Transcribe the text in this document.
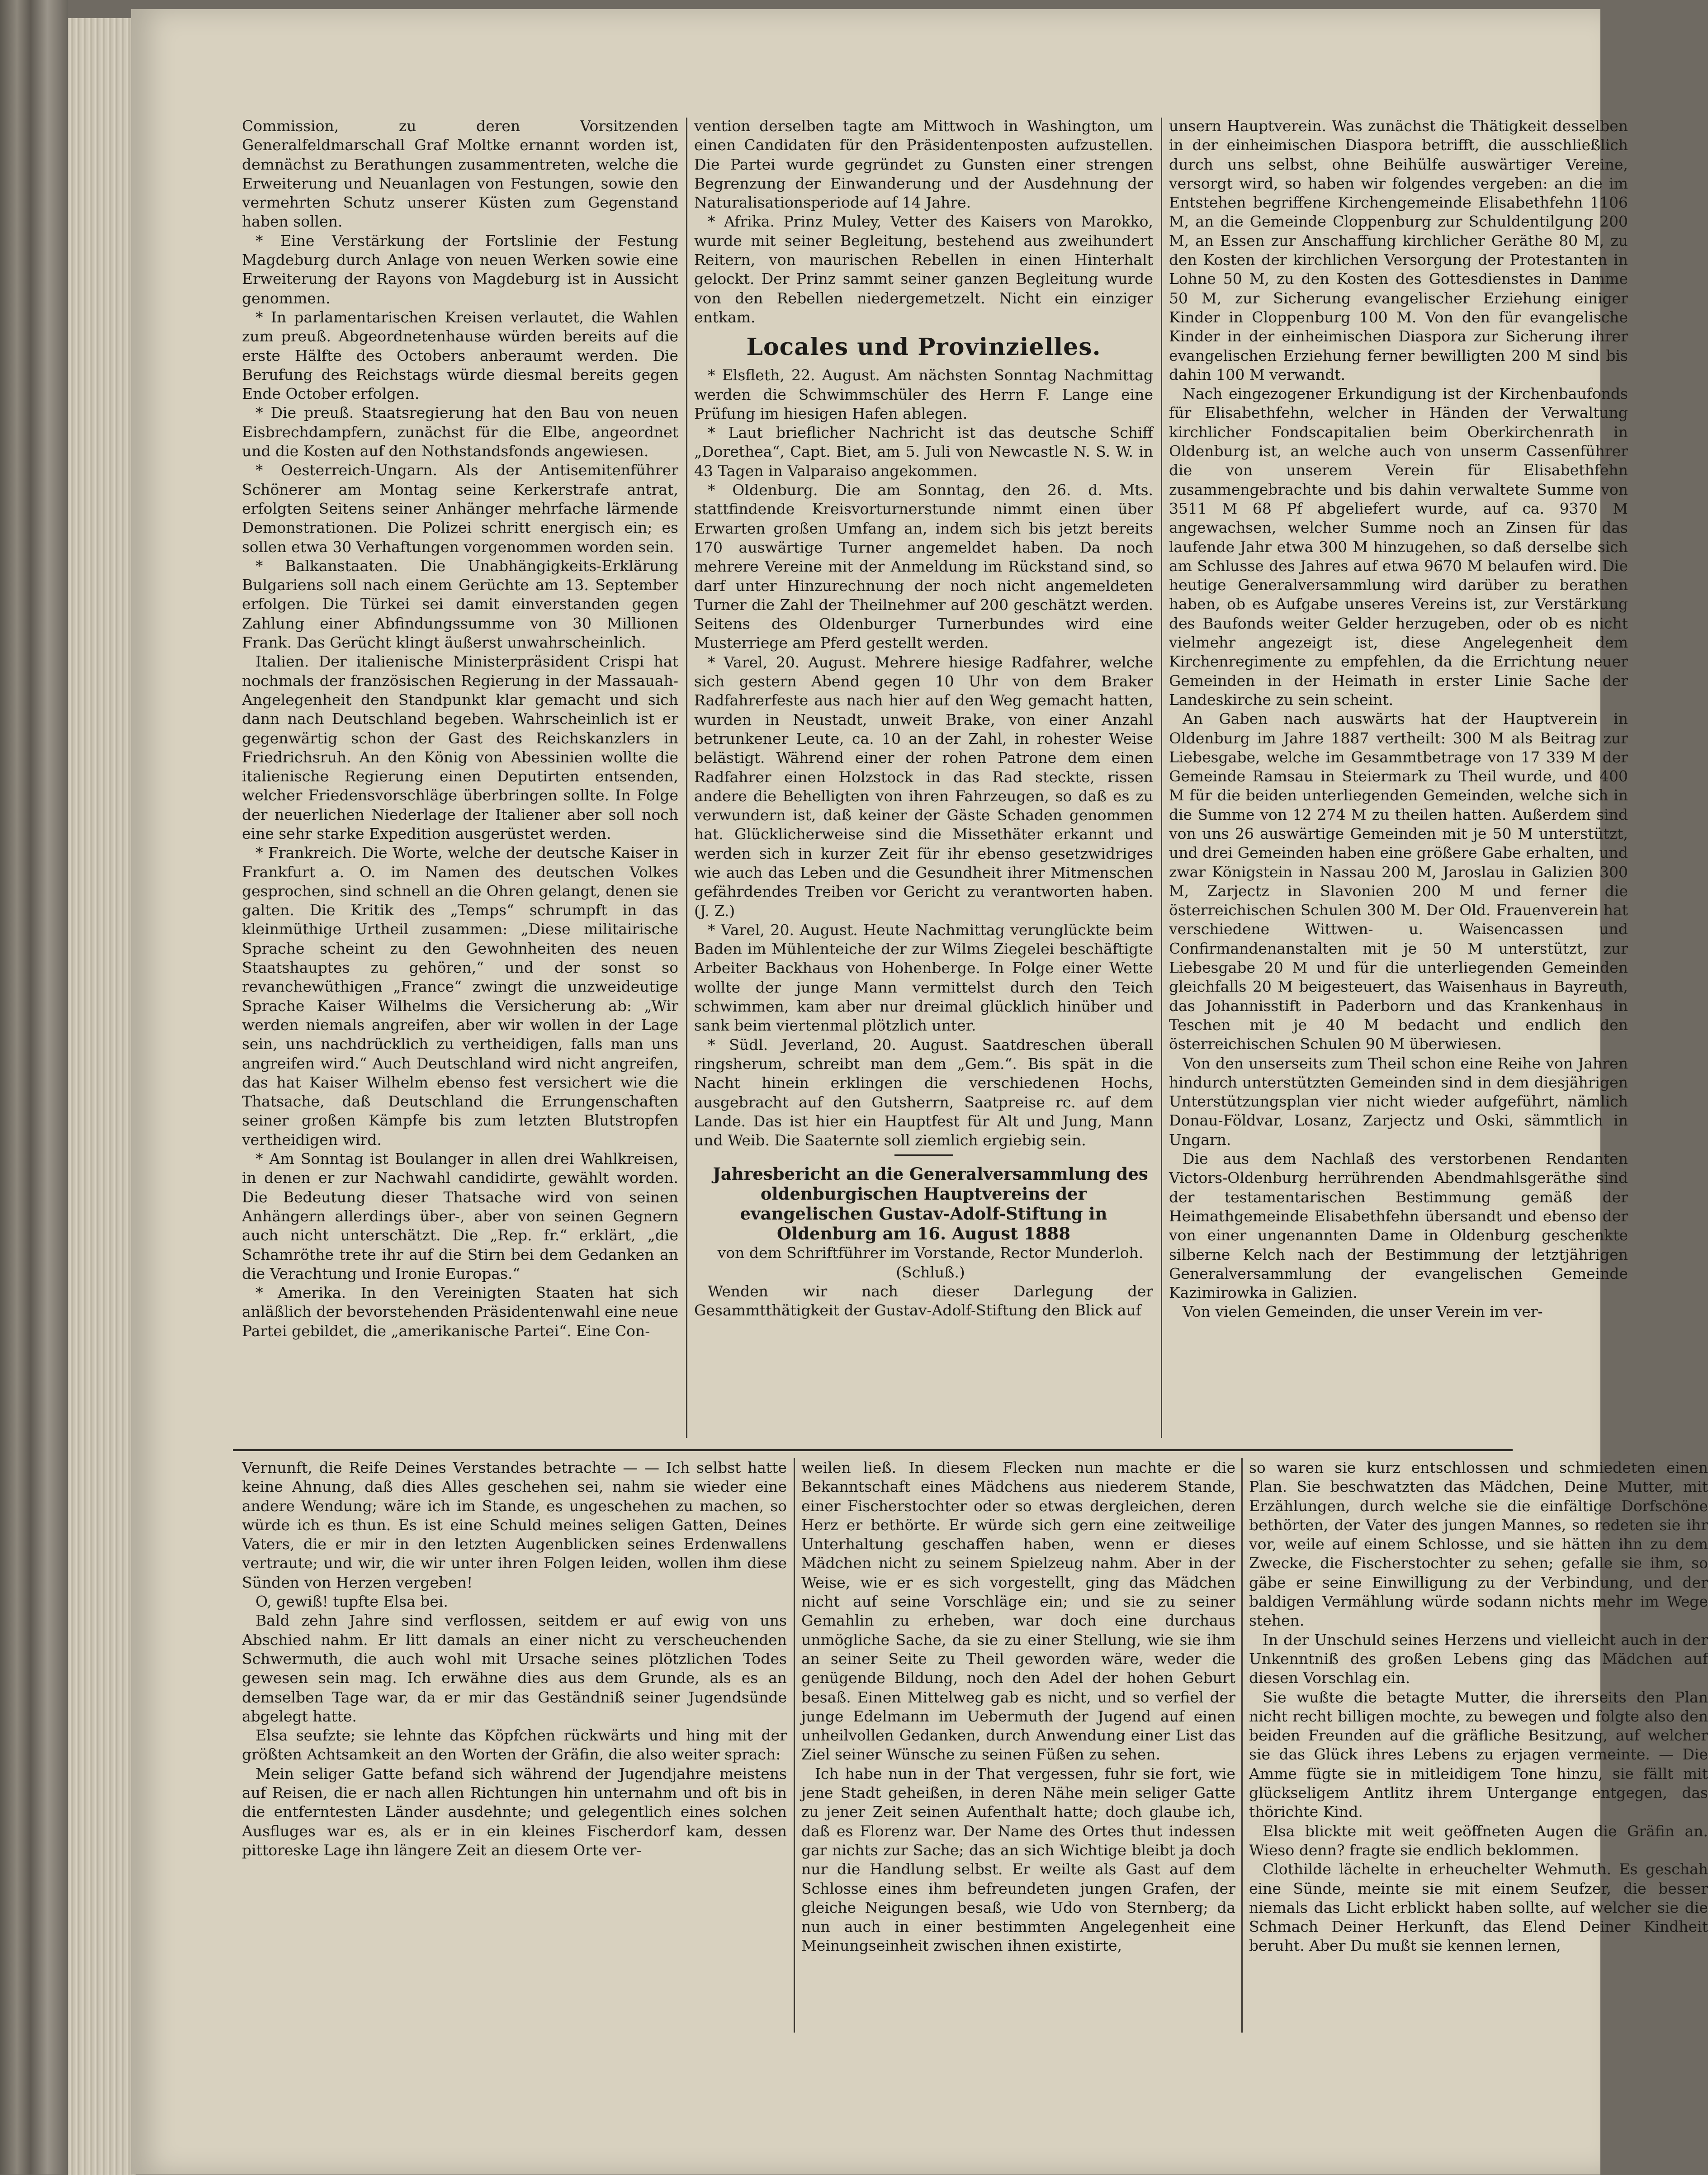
Commission, zu deren Vorsitzenden Generalfeldmarschall Graf Moltke ernannt worden ist, demnächst zu Berathungen zusammentreten, welche die Erweiterung und Neuanlagen von Festungen, sowie den vermehrten Schutz unserer Küsten zum Gegenstand haben sollen.

* Eine Verstärkung der Fortslinie der Festung Magdeburg durch Anlage von neuen Werken sowie eine Erweiterung der Rayons von Magdeburg ist in Aussicht genommen.

* In parlamentarischen Kreisen verlautet, die Wahlen zum preuß. Abgeordnetenhause würden bereits auf die erste Hälfte des Octobers anberaumt werden. Die Berufung des Reichstags würde diesmal bereits gegen Ende October erfolgen.

* Die preuß. Staatsregierung hat den Bau von neuen Eisbrechdampfern, zunächst für die Elbe, angeordnet und die Kosten auf den Nothstandsfonds angewiesen.

* Oesterreich-Ungarn. Als der Antisemitenführer Schönerer am Montag seine Kerkerstrafe antrat, erfolgten Seitens seiner Anhänger mehrfache lärmende Demonstrationen. Die Polizei schritt energisch ein; es sollen etwa 30 Verhaftungen vorgenommen worden sein.

* Balkanstaaten. Die Unabhängigkeits-Erklärung Bulgariens soll nach einem Gerüchte am 13. September erfolgen. Die Türkei sei damit einverstanden gegen Zahlung einer Abfindungssumme von 30 Millionen Frank. Das Gerücht klingt äußerst unwahrscheinlich.

Italien. Der italienische Ministerpräsident Crispi hat nochmals der französischen Regierung in der Massauah-Angelegenheit den Standpunkt klar gemacht und sich dann nach Deutschland begeben. Wahrscheinlich ist er gegenwärtig schon der Gast des Reichskanzlers in Friedrichsruh. An den König von Abessinien wollte die italienische Regierung einen Deputirten entsenden, welcher Friedensvorschläge überbringen sollte. In Folge der neuerlichen Niederlage der Italiener aber soll noch eine sehr starke Expedition ausgerüstet werden.

* Frankreich. Die Worte, welche der deutsche Kaiser in Frankfurt a. O. im Namen des deutschen Volkes gesprochen, sind schnell an die Ohren gelangt, denen sie galten. Die Kritik des „Temps“ schrumpft in das kleinmüthige Urtheil zusammen: „Diese militairische Sprache scheint zu den Gewohnheiten des neuen Staatshauptes zu gehören,“ und der sonst so revanchewüthigen „France“ zwingt die unzweideutige Sprache Kaiser Wilhelms die Versicherung ab: „Wir werden niemals angreifen, aber wir wollen in der Lage sein, uns nachdrücklich zu vertheidigen, falls man uns angreifen wird.“ Auch Deutschland wird nicht angreifen, das hat Kaiser Wilhelm ebenso fest versichert wie die Thatsache, daß Deutschland die Errungenschaften seiner großen Kämpfe bis zum letzten Blutstropfen vertheidigen wird.

* Am Sonntag ist Boulanger in allen drei Wahlkreisen, in denen er zur Nachwahl candidirte, gewählt worden. Die Bedeutung dieser Thatsache wird von seinen Anhängern allerdings über-, aber von seinen Gegnern auch nicht unterschätzt. Die „Rep. fr.“ erklärt, „die Schamröthe trete ihr auf die Stirn bei dem Gedanken an die Verachtung und Ironie Europas.“

* Amerika. In den Vereinigten Staaten hat sich anläßlich der bevorstehenden Präsidentenwahl eine neue Partei gebildet, die „amerikanische Partei“. Eine Con-

vention derselben tagte am Mittwoch in Washington, um einen Candidaten für den Präsidentenposten aufzustellen. Die Partei wurde gegründet zu Gunsten einer strengen Begrenzung der Einwanderung und der Ausdehnung der Naturalisationsperiode auf 14 Jahre.

* Afrika. Prinz Muley, Vetter des Kaisers von Marokko, wurde mit seiner Begleitung, bestehend aus zweihundert Reitern, von maurischen Rebellen in einen Hinterhalt gelockt. Der Prinz sammt seiner ganzen Begleitung wurde von den Rebellen niedergemetzelt. Nicht ein einziger entkam.

Locales und Provinzielles.

* Elsfleth, 22. August. Am nächsten Sonntag Nachmittag werden die Schwimmschüler des Herrn F. Lange eine Prüfung im hiesigen Hafen ablegen.

* Laut brieflicher Nachricht ist das deutsche Schiff „Dorethea“, Capt. Biet, am 5. Juli von Newcastle N. S. W. in 43 Tagen in Valparaiso angekommen.

* Oldenburg. Die am Sonntag, den 26. d. Mts. stattfindende Kreisvorturnerstunde nimmt einen über Erwarten großen Umfang an, indem sich bis jetzt bereits 170 auswärtige Turner angemeldet haben. Da noch mehrere Vereine mit der Anmeldung im Rückstand sind, so darf unter Hinzurechnung der noch nicht angemeldeten Turner die Zahl der Theilnehmer auf 200 geschätzt werden. Seitens des Oldenburger Turnerbundes wird eine Musterriege am Pferd gestellt werden.

* Varel, 20. August. Mehrere hiesige Radfahrer, welche sich gestern Abend gegen 10 Uhr von dem Braker Radfahrerfeste aus nach hier auf den Weg gemacht hatten, wurden in Neustadt, unweit Brake, von einer Anzahl betrunkener Leute, ca. 10 an der Zahl, in rohester Weise belästigt. Während einer der rohen Patrone dem einen Radfahrer einen Holzstock in das Rad steckte, rissen andere die Behelligten von ihren Fahrzeugen, so daß es zu verwundern ist, daß keiner der Gäste Schaden genommen hat. Glücklicherweise sind die Missethäter erkannt und werden sich in kurzer Zeit für ihr ebenso gesetzwidriges wie auch das Leben und die Gesundheit ihrer Mitmenschen gefährdendes Treiben vor Gericht zu verantworten haben. (J. Z.)

* Varel, 20. August. Heute Nachmittag verunglückte beim Baden im Mühlenteiche der zur Wilms Ziegelei beschäftigte Arbeiter Backhaus von Hohenberge. In Folge einer Wette wollte der junge Mann vermittelst durch den Teich schwimmen, kam aber nur dreimal glücklich hinüber und sank beim viertenmal plötzlich unter.

* Südl. Jeverland, 20. August. Saatdreschen überall ringsherum, schreibt man dem „Gem.“. Bis spät in die Nacht hinein erklingen die verschiedenen Hochs, ausgebracht auf den Gutsherrn, Saatpreise rc. auf dem Lande. Das ist hier ein Hauptfest für Alt und Jung, Mann und Weib. Die Saaternte soll ziemlich ergiebig sein.

Jahresbericht an die Generalversammlung des oldenburgischen Hauptvereins der evangelischen Gustav-Adolf-Stiftung in Oldenburg am 16. August 1888

von dem Schriftführer im Vorstande, Rector Munderloh.

(Schluß.)

Wenden wir nach dieser Darlegung der Gesammtthätigkeit der Gustav-Adolf-Stiftung den Blick auf

unsern Hauptverein. Was zunächst die Thätigkeit desselben in der einheimischen Diaspora betrifft, die ausschließlich durch uns selbst, ohne Beihülfe auswärtiger Vereine, versorgt wird, so haben wir folgendes vergeben: an die im Entstehen begriffene Kirchengemeinde Elisabethfehn 1106 M, an die Gemeinde Cloppenburg zur Schuldentilgung 200 M, an Essen zur Anschaffung kirchlicher Geräthe 80 M, zu den Kosten der kirchlichen Versorgung der Protestanten in Lohne 50 M, zu den Kosten des Gottesdienstes in Damme 50 M, zur Sicherung evangelischer Erziehung einiger Kinder in Cloppenburg 100 M. Von den für evangelische Kinder in der einheimischen Diaspora zur Sicherung ihrer evangelischen Erziehung ferner bewilligten 200 M sind bis dahin 100 M verwandt.

Nach eingezogener Erkundigung ist der Kirchenbaufonds für Elisabethfehn, welcher in Händen der Verwaltung kirchlicher Fondscapitalien beim Oberkirchenrath in Oldenburg ist, an welche auch von unserm Cassenführer die von unserem Verein für Elisabethfehn zusammengebrachte und bis dahin verwaltete Summe von 3511 M 68 Pf abgeliefert wurde, auf ca. 9370 M angewachsen, welcher Summe noch an Zinsen für das laufende Jahr etwa 300 M hinzugehen, so daß derselbe sich am Schlusse des Jahres auf etwa 9670 M belaufen wird. Die heutige Generalversammlung wird darüber zu berathen haben, ob es Aufgabe unseres Vereins ist, zur Verstärkung des Baufonds weiter Gelder herzugeben, oder ob es nicht vielmehr angezeigt ist, diese Angelegenheit dem Kirchenregimente zu empfehlen, da die Errichtung neuer Gemeinden in der Heimath in erster Linie Sache der Landeskirche zu sein scheint.

An Gaben nach auswärts hat der Hauptverein in Oldenburg im Jahre 1887 vertheilt: 300 M als Beitrag zur Liebesgabe, welche im Gesammtbetrage von 17 339 M der Gemeinde Ramsau in Steiermark zu Theil wurde, und 400 M für die beiden unterliegenden Gemeinden, welche sich in die Summe von 12 274 M zu theilen hatten. Außerdem sind von uns 26 auswärtige Gemeinden mit je 50 M unterstützt, und drei Gemeinden haben eine größere Gabe erhalten, und zwar Königstein in Nassau 200 M, Jaroslau in Galizien 300 M, Zarjectz in Slavonien 200 M und ferner die österreichischen Schulen 300 M. Der Old. Frauenverein hat verschiedene Wittwen- u. Waisencassen und Confirmandenanstalten mit je 50 M unterstützt, zur Liebesgabe 20 M und für die unterliegenden Gemeinden gleichfalls 20 M beigesteuert, das Waisenhaus in Bayreuth, das Johannisstift in Paderborn und das Krankenhaus in Teschen mit je 40 M bedacht und endlich den österreichischen Schulen 90 M überwiesen.

Von den unserseits zum Theil schon eine Reihe von Jahren hindurch unterstützten Gemeinden sind in dem diesjährigen Unterstützungsplan vier nicht wieder aufgeführt, nämlich Donau-Földvar, Losanz, Zarjectz und Oski, sämmtlich in Ungarn.

Die aus dem Nachlaß des verstorbenen Rendanten Victors-Oldenburg herrührenden Abendmahlsgeräthe sind der testamentarischen Bestimmung gemäß der Heimathgemeinde Elisabethfehn übersandt und ebenso der von einer ungenannten Dame in Oldenburg geschenkte silberne Kelch nach der Bestimmung der letztjährigen Generalversammlung der evangelischen Gemeinde Kazimirowka in Galizien.

Von vielen Gemeinden, die unser Verein im ver-

Vernunft, die Reife Deines Verstandes betrachte — — Ich selbst hatte keine Ahnung, daß dies Alles geschehen sei, nahm sie wieder eine andere Wendung; wäre ich im Stande, es ungeschehen zu machen, so würde ich es thun. Es ist eine Schuld meines seligen Gatten, Deines Vaters, die er mir in den letzten Augenblicken seines Erdenwallens vertraute; und wir, die wir unter ihren Folgen leiden, wollen ihm diese Sünden von Herzen vergeben!

O, gewiß! tupfte Elsa bei.

Bald zehn Jahre sind verflossen, seitdem er auf ewig von uns Abschied nahm. Er litt damals an einer nicht zu verscheuchenden Schwermuth, die auch wohl mit Ursache seines plötzlichen Todes gewesen sein mag. Ich erwähne dies aus dem Grunde, als es an demselben Tage war, da er mir das Geständniß seiner Jugendsünde abgelegt hatte.

Elsa seufzte; sie lehnte das Köpfchen rückwärts und hing mit der größten Achtsamkeit an den Worten der Gräfin, die also weiter sprach:

Mein seliger Gatte befand sich während der Jugendjahre meistens auf Reisen, die er nach allen Richtungen hin unternahm und oft bis in die entferntesten Länder ausdehnte; und gelegentlich eines solchen Ausfluges war es, als er in ein kleines Fischerdorf kam, dessen pittoreske Lage ihn längere Zeit an diesem Orte ver-

weilen ließ. In diesem Flecken nun machte er die Bekanntschaft eines Mädchens aus niederem Stande, einer Fischerstochter oder so etwas dergleichen, deren Herz er bethörte. Er würde sich gern eine zeitweilige Unterhaltung geschaffen haben, wenn er dieses Mädchen nicht zu seinem Spielzeug nahm. Aber in der Weise, wie er es sich vorgestellt, ging das Mädchen nicht auf seine Vorschläge ein; und sie zu seiner Gemahlin zu erheben, war doch eine durchaus unmögliche Sache, da sie zu einer Stellung, wie sie ihm an seiner Seite zu Theil geworden wäre, weder die genügende Bildung, noch den Adel der hohen Geburt besaß. Einen Mittelweg gab es nicht, und so verfiel der junge Edelmann im Uebermuth der Jugend auf einen unheilvollen Gedanken, durch Anwendung einer List das Ziel seiner Wünsche zu seinen Füßen zu sehen.

Ich habe nun in der That vergessen, fuhr sie fort, wie jene Stadt geheißen, in deren Nähe mein seliger Gatte zu jener Zeit seinen Aufenthalt hatte; doch glaube ich, daß es Florenz war. Der Name des Ortes thut indessen gar nichts zur Sache; das an sich Wichtige bleibt ja doch nur die Handlung selbst. Er weilte als Gast auf dem Schlosse eines ihm befreundeten jungen Grafen, der gleiche Neigungen besaß, wie Udo von Sternberg; da nun auch in einer bestimmten Angelegenheit eine Meinungseinheit zwischen ihnen existirte,

so waren sie kurz entschlossen und schmiedeten einen Plan. Sie beschwatzten das Mädchen, Deine Mutter, mit Erzählungen, durch welche sie die einfältige Dorfschöne bethörten, der Vater des jungen Mannes, so redeten sie ihr vor, weile auf einem Schlosse, und sie hätten ihn zu dem Zwecke, die Fischerstochter zu sehen; gefalle sie ihm, so gäbe er seine Einwilligung zu der Verbindung, und der baldigen Vermählung würde sodann nichts mehr im Wege stehen.

In der Unschuld seines Herzens und vielleicht auch in der Unkenntniß des großen Lebens ging das Mädchen auf diesen Vorschlag ein.

Sie wußte die betagte Mutter, die ihrerseits den Plan nicht recht billigen mochte, zu bewegen und folgte also den beiden Freunden auf die gräfliche Besitzung, auf welcher sie das Glück ihres Lebens zu erjagen vermeinte. — Die Amme fügte sie in mitleidigem Tone hinzu, sie fällt mit glückseligem Antlitz ihrem Untergange entgegen, das thörichte Kind.

Elsa blickte mit weit geöffneten Augen die Gräfin an. Wieso denn? fragte sie endlich beklommen.

Clothilde lächelte in erheuchelter Wehmuth. Es geschah eine Sünde, meinte sie mit einem Seufzer, die besser niemals das Licht erblickt haben sollte, auf welcher sie die Schmach Deiner Herkunft, das Elend Deiner Kindheit beruht. Aber Du mußt sie kennen lernen,
